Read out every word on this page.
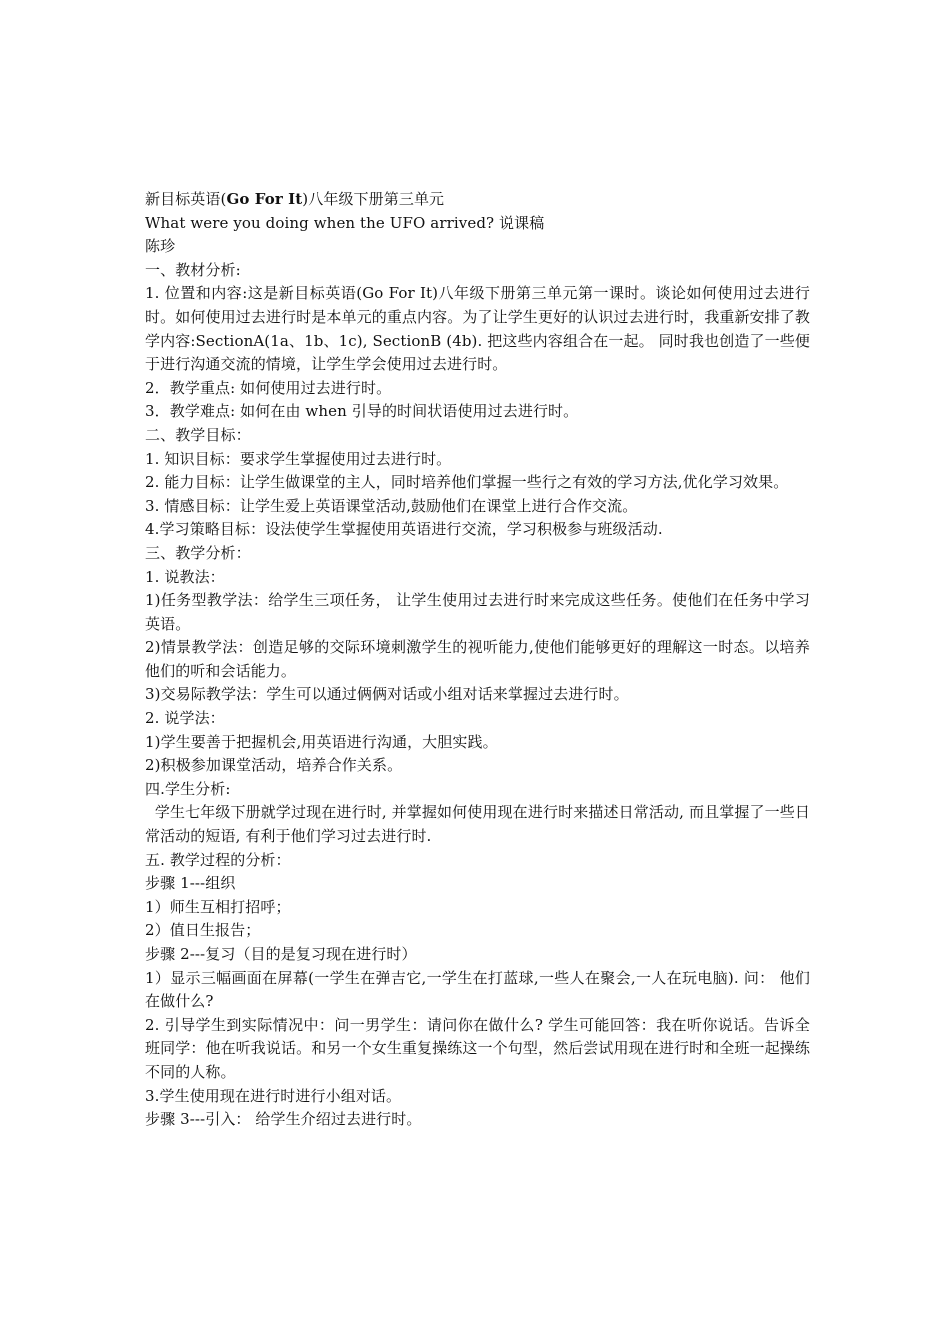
新目标英语(Go For It)八年级下册第三单元

What were you doing when the UFO arrived? 说课稿

陈珍

一、教材分析:

1. 位置和内容:这是新目标英语(Go For It)八年级下册第三单元第一课时。谈论如何使用过去进行时。如何使用过去进行时是本单元的重点内容。为了让学生更好的认识过去进行时，我重新安排了教学内容:SectionA(1a、1b、1c), SectionB (4b). 把这些内容组合在一起。 同时我也创造了一些便于进行沟通交流的情境，让学生学会使用过去进行时。

2．教学重点: 如何使用过去进行时。

3．教学难点: 如何在由 when 引导的时间状语使用过去进行时。

二、教学目标：

1. 知识目标：要求学生掌握使用过去进行时。

2. 能力目标：让学生做课堂的主人，同时培养他们掌握一些行之有效的学习方法,优化学习效果。

3. 情感目标：让学生爱上英语课堂活动,鼓励他们在课堂上进行合作交流。

4.学习策略目标：设法使学生掌握使用英语进行交流，学习积极参与班级活动.

三、教学分析：

1. 说教法：

1)任务型教学法：给学生三项任务， 让学生使用过去进行时来完成这些任务。使他们在任务中学习英语。

2)情景教学法：创造足够的交际环境刺激学生的视听能力,使他们能够更好的理解这一时态。以培养他们的听和会话能力。

3)交易际教学法：学生可以通过俩俩对话或小组对话来掌握过去进行时。

2. 说学法：

1)学生要善于把握机会,用英语进行沟通，大胆实践。

2)积极参加课堂活动，培养合作关系。

四.学生分析:

学生七年级下册就学过现在进行时, 并掌握如何使用现在进行时来描述日常活动, 而且掌握了一些日常活动的短语, 有利于他们学习过去进行时.

五. 教学过程的分析：

步骤 1---组织

1）师生互相打招呼；

2）值日生报告；

步骤 2---复习（目的是复习现在进行时）

1）显示三幅画面在屏幕(一学生在弹吉它,一学生在打蓝球,一些人在聚会,一人在玩电脑). 问： 他们在做什么?

2. 引导学生到实际情况中：问一男学生：请问你在做什么? 学生可能回答：我在听你说话。告诉全班同学：他在听我说话。和另一个女生重复操练这一个句型，然后尝试用现在进行时和全班一起操练不同的人称。

3.学生使用现在进行时进行小组对话。

步骤 3---引入： 给学生介绍过去进行时。
